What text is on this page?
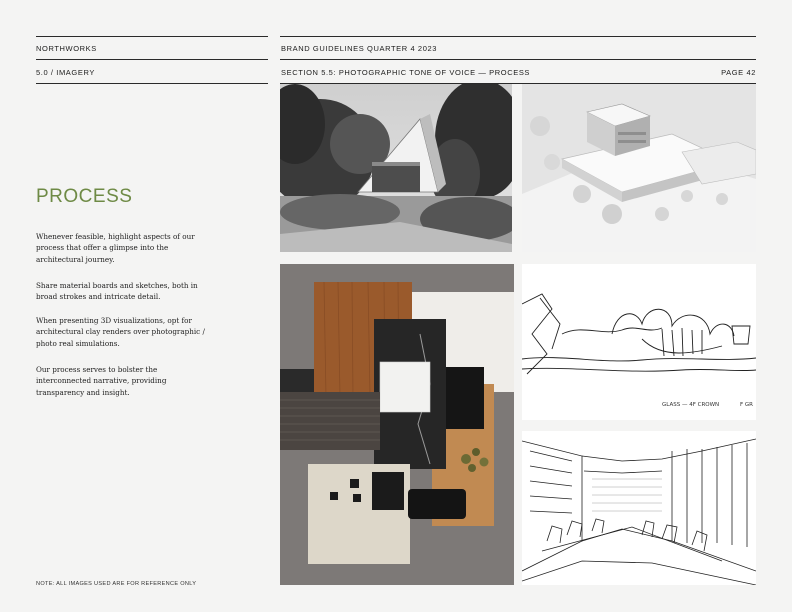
NORTHWORKS	BRAND GUIDELINES QUARTER 4 2023
5.0 / IMAGERY	SECTION 5.5: PHOTOGRAPHIC TONE OF VOICE — PROCESS	PAGE 42
PROCESS
Whenever feasible, highlight aspects of our process that offer a glimpse into the architectural journey.
Share material boards and sketches, both in broad strokes and intricate detail.
When presenting 3D visualizations, opt for architectural clay renders over photographic / photo real simulations.
Our process serves to bolster the interconnected narrative, providing transparency and insight.
NOTE: ALL IMAGES USED ARE FOR REFERENCE ONLY
GLASS — 4F CROWN	F GR
